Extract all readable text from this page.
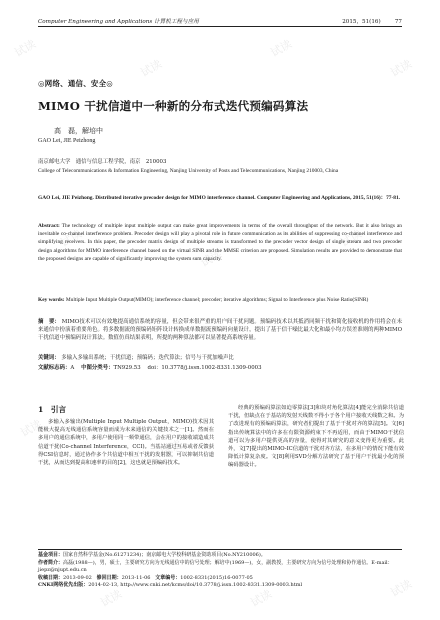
试读
试读
试读
试读
试读
试读
试读
试读
试读
试读
试读	试读	试读
Computer Engineering and Applications 计算机工程与应用	2015，51(16)	77
◎网络、通信、安全◎
MIMO 干扰信道中一种新的分布式迭代预编码算法
高　磊，解培中
GAO Lei, JIE Peizhong
南京邮电大学　通信与信息工程学院，南京　210003
College of Telecommunications & Information Engineering, Nanjing University of Posts and Telecommunications, Nanjing 210003, China
GAO Lei, JIE Peizhong. Distributed iterative precoder design for MIMO interference channel. Computer Engineering and Applications, 2015, 51(16)：77-81.
Abstract: The technology of multiple input multiple output can make great improvements in terms of the overall throughput of the network. But it also brings an inevitable co-channel interference problem. Precoder design will play a pivotal role in future communication as its abilities of suppressing co-channel interference and simplifying receivers. In this paper, the precoder matrix design of multiple streams is transformed to the precoder vector design of single stream and two precoder design algorithms for MIMO interference channel based on the virtual SINR and the MMSE criterion are proposed. Simulation results are provided to demonstrate that the proposed designs are capable of significantly improving the system sum capacity.
Key words: Multiple Input Multiple Output(MIMO); interference channel; precoder; iterative algorithms; Signal to Interference plus Noise Ratio(SINR)
摘　要： MIMO技术可以有效地提高通信系统的容量，但会带来很严重的用户间干扰问题。预编码技术以其抵消同频干扰和简化接收机的作用将会在未来通信中扮演着重要角色。将多数据流的预编码矩阵设计转换成单数据流预编码向量设计，提出了基于信干噪比最大化和最小均方误差准则的两种MIMO干扰信道中预编码设计算法。数值仿真结果表明，所提的两种算法都可以显著提高系统容量。
关键词： 多输入多输出系统；干扰信道；预编码；迭代算法；信号与干扰加噪声比
文献标志码：A 中图分类号：TN929.53 doi：10.3778/j.issn.1002-8331.1309-0003
1　引言

多输入多输出(Multiple Input Multiple Output，MIMO)技术因其能极大提高无线通信系统容量而成为未来通信的关键技术之一[1]。然而在多用户的通信系统中，多用户使用同一频带通信，会在用户的接收端造成共信道干扰(Co-channel Interference，CCI)。当基站通过互易或者反馈获得CSI信息时，通过协作多个共信道中相互干扰的发射器，可以抑制共信道干扰，从而达到提高和速率的目的[2]，这也就是预编码技术。

经典的预编码算法如迫零算法[3]和块对角化算法[4]能完全消除共信道干扰，但缺点在于基站的发射天线数不得小于各个用户接收天线数之和。为了改进现有的预编码算法，研究者们提出了基于干扰对齐的算法[5]。文[6]指出传统算法中的许多在有限资源约束下不再适用，而由于MIMO干扰信道可以为多用户提供更高的容量，使得对其研究的意义变得更为重要。此外，文[7]提出的MIMO-IC信道的干扰对齐方法，在多用户的情况下能有效降低计算复杂度。文[8]利用SVD分解方法研究了基于用户干扰最小化的预编码器设计。

基金项目：国家自然科学基金(No.61271234)；南京邮电大学校科研基金资助项目(No.NY210006)。
作者简介：高磊(1988—)，男，硕士，主要研究方向为无线通信中的信号处理；解培中(1969—)，女，副教授，主要研究方向为信号处理和协作通信。E-mail：jiepz@njupt.edu.cn
收稿日期：2013-09-02 修回日期：2013-11-06 文章编号：1002-8331(2015)16-0077-05
CNKI网络优先出版：2014-02-13, http://www.cnki.net/kcms/doi/10.3778/j.issn.1002-8331.1309-0003.html
